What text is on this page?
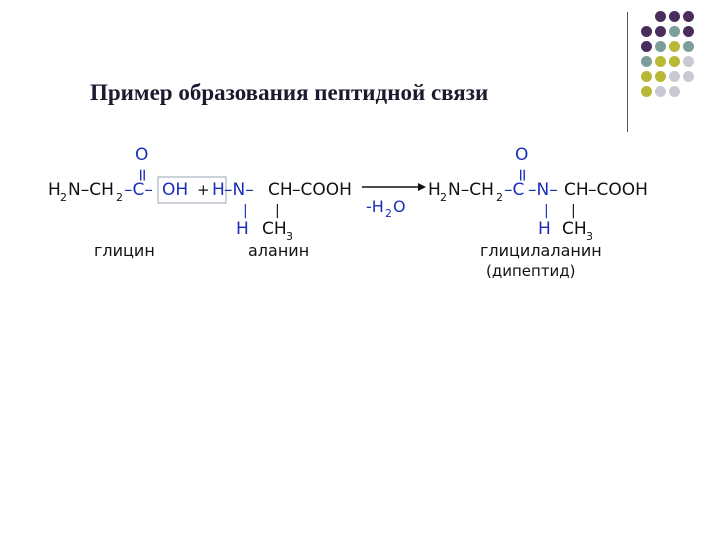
Пример образования пептидной связи
H 2 N–CH 2 –C–
O
=
OH
глицин
+ H –N– CH –COOH
| |
H CH 3
аланин
-H 2 O
H 2 N–CH 2 –C
O
=
–N– CH –COOH
| |
H CH 3
глицилаланин
(дипептид)
